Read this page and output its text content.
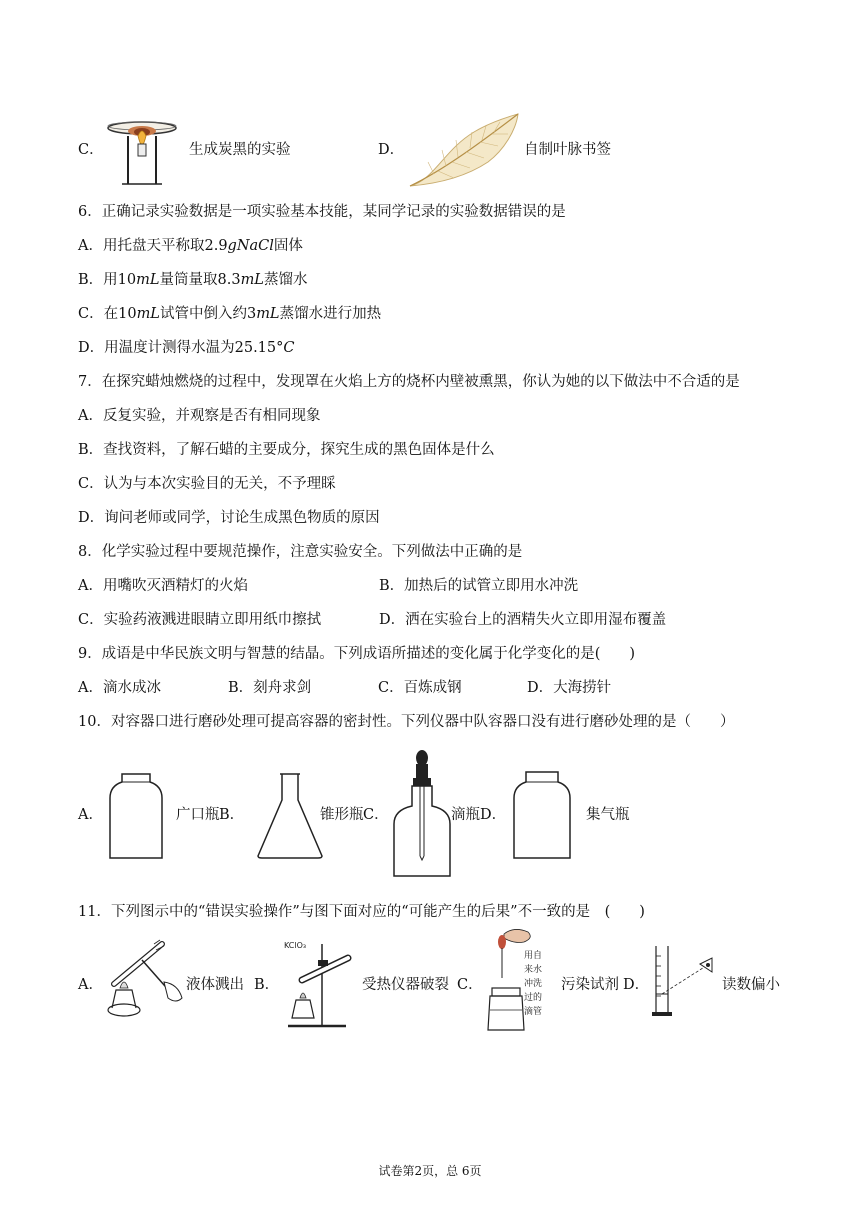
C．	生成炭黑的实验	D．	自制叶脉书签
6．正确记录实验数据是一项实验基本技能，某同学记录的实验数据错误的是
A．用托盘天平称取2.9gNaCl固体
B．用10mL量筒量取8.3mL蒸馏水
C．在10mL试管中倒入约3mL蒸馏水进行加热
D．用温度计测得水温为25.15°C
7．在探究蜡烛燃烧的过程中，发现罩在火焰上方的烧杯内壁被熏黑，你认为她的以下做法中不合适的是
A．反复实验，并观察是否有相同现象
B．查找资料，了解石蜡的主要成分，探究生成的黑色固体是什么
C．认为与本次实验目的无关，不予理睬
D．询问老师或同学，讨论生成黑色物质的原因
8．化学实验过程中要规范操作，注意实验安全。下列做法中正确的是
A．用嘴吹灭酒精灯的火焰	B．加热后的试管立即用水冲洗
C．实验药液溅进眼睛立即用纸巾擦拭	D．洒在实验台上的酒精失火立即用湿布覆盖
9．成语是中华民族文明与智慧的结晶。下列成语所描述的变化属于化学变化的是(　　)
A．滴水成冰	B．刻舟求剑	C．百炼成钢	D．大海捞针
10．对容器口进行磨砂处理可提高容器的密封性。下列仪器中队容器口没有进行磨砂处理的是（　　）
A．	广口瓶 B．	锥形瓶 C．	滴瓶 D．	集气瓶
11．下列图示中的“错误实验操作”与图下面对应的“可能产生的后果”不一致的是　(　　)
A．	液体溅出 B．
KClO₃
受热仪器破裂 C．
用自
来水
冲洗
过的
滴管
污染试剂 D．	读数偏小
试卷第2页，总 6页
